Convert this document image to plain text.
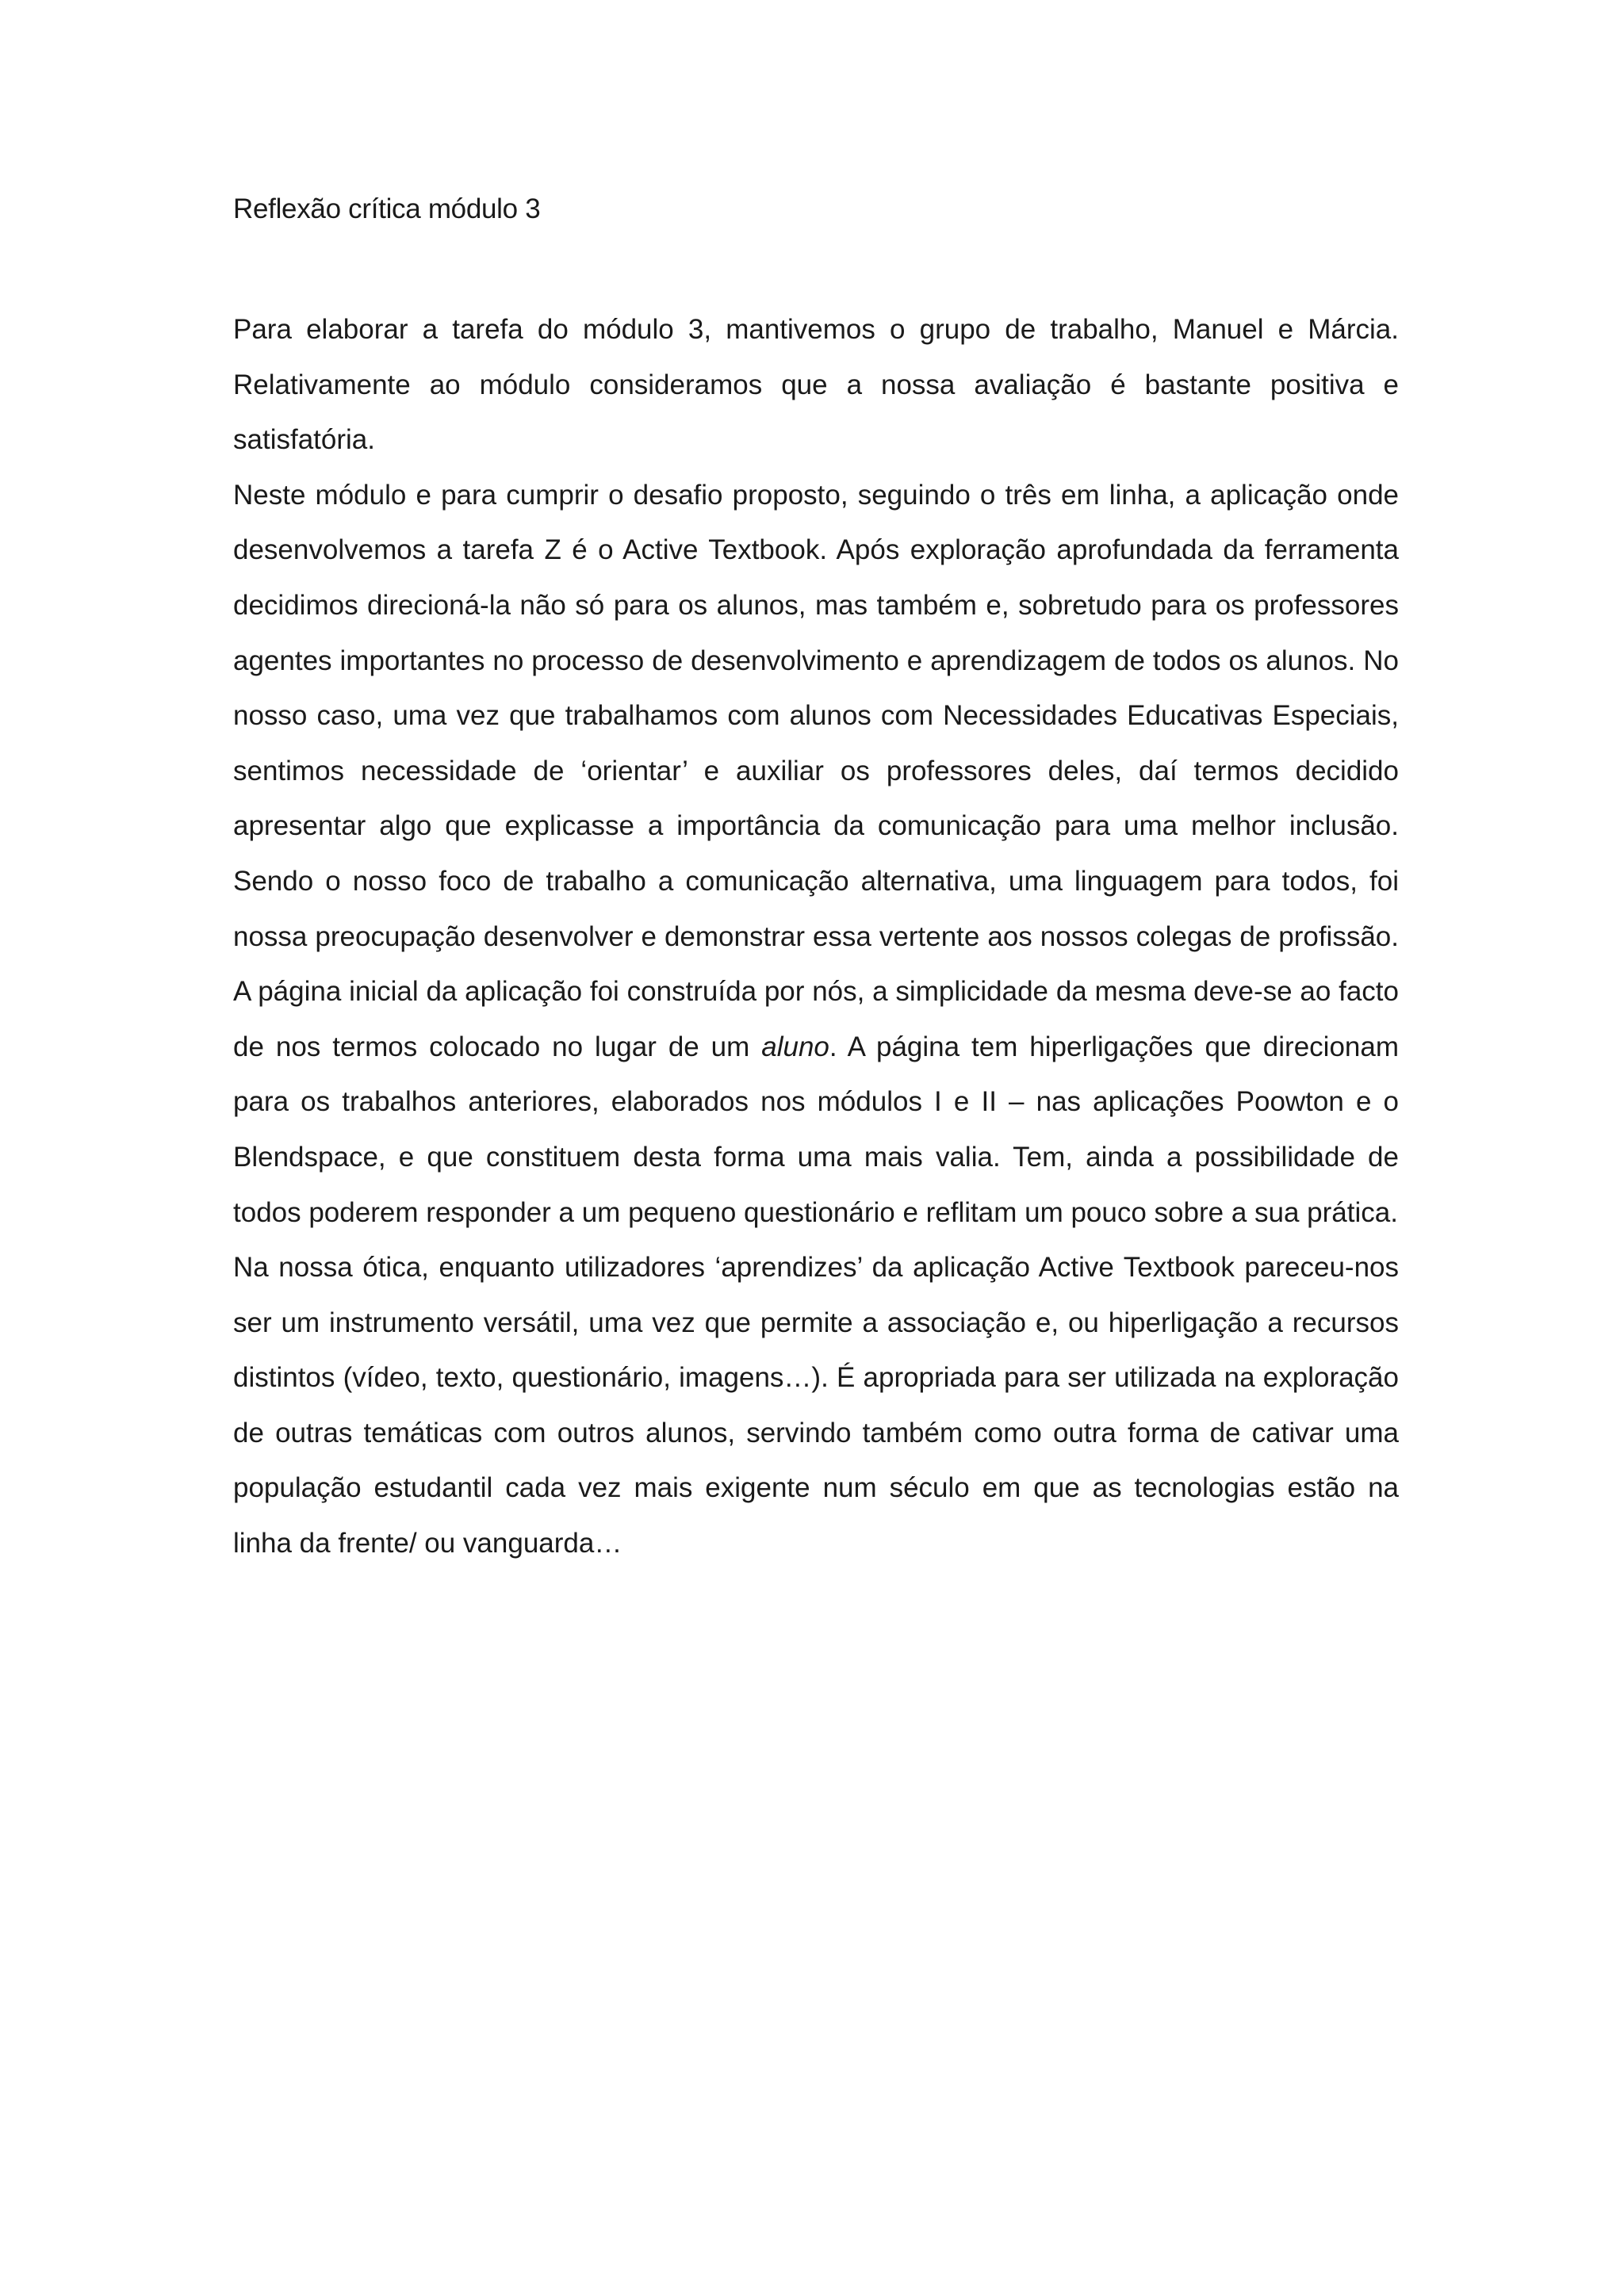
Reflexão crítica módulo 3

Para elaborar a tarefa do módulo 3, mantivemos o grupo de trabalho, Manuel e Márcia. Relativamente ao módulo consideramos que a nossa avaliação é bastante positiva e satisfatória.

Neste módulo e para cumprir o desafio proposto, seguindo o três em linha, a aplicação onde desenvolvemos a tarefa Z é o Active Textbook. Após exploração aprofundada da ferramenta decidimos direcioná-la não só para os alunos, mas também e, sobretudo para os professores agentes importantes no processo de desenvolvimento e aprendizagem de todos os alunos. No nosso caso, uma vez que trabalhamos com alunos com Necessidades Educativas Especiais, sentimos necessidade de ‘orientar’ e auxiliar os professores deles, daí termos decidido apresentar algo que explicasse a importância da comunicação para uma melhor inclusão. Sendo o nosso foco de trabalho a comunicação alternativa, uma linguagem para todos, foi nossa preocupação desenvolver e demonstrar essa vertente aos nossos colegas de profissão. A página inicial da aplicação foi construída por nós, a simplicidade da mesma deve-se ao facto de nos termos colocado no lugar de um aluno. A página tem hiperligações que direcionam para os trabalhos anteriores, elaborados nos módulos I e II – nas aplicações Poowton e o Blendspace, e que constituem desta forma uma mais valia. Tem, ainda a possibilidade de todos poderem responder a um pequeno questionário e reflitam um pouco sobre a sua prática.

Na nossa ótica, enquanto utilizadores ‘aprendizes’ da aplicação Active Textbook pareceu-nos ser um instrumento versátil, uma vez que permite a associação e, ou hiperligação a recursos distintos (vídeo, texto, questionário, imagens…). É apropriada para ser utilizada na exploração de outras temáticas com outros alunos, servindo também como outra forma de cativar uma população estudantil cada vez mais exigente num século em que as tecnologias estão na linha da frente/ ou vanguarda…
